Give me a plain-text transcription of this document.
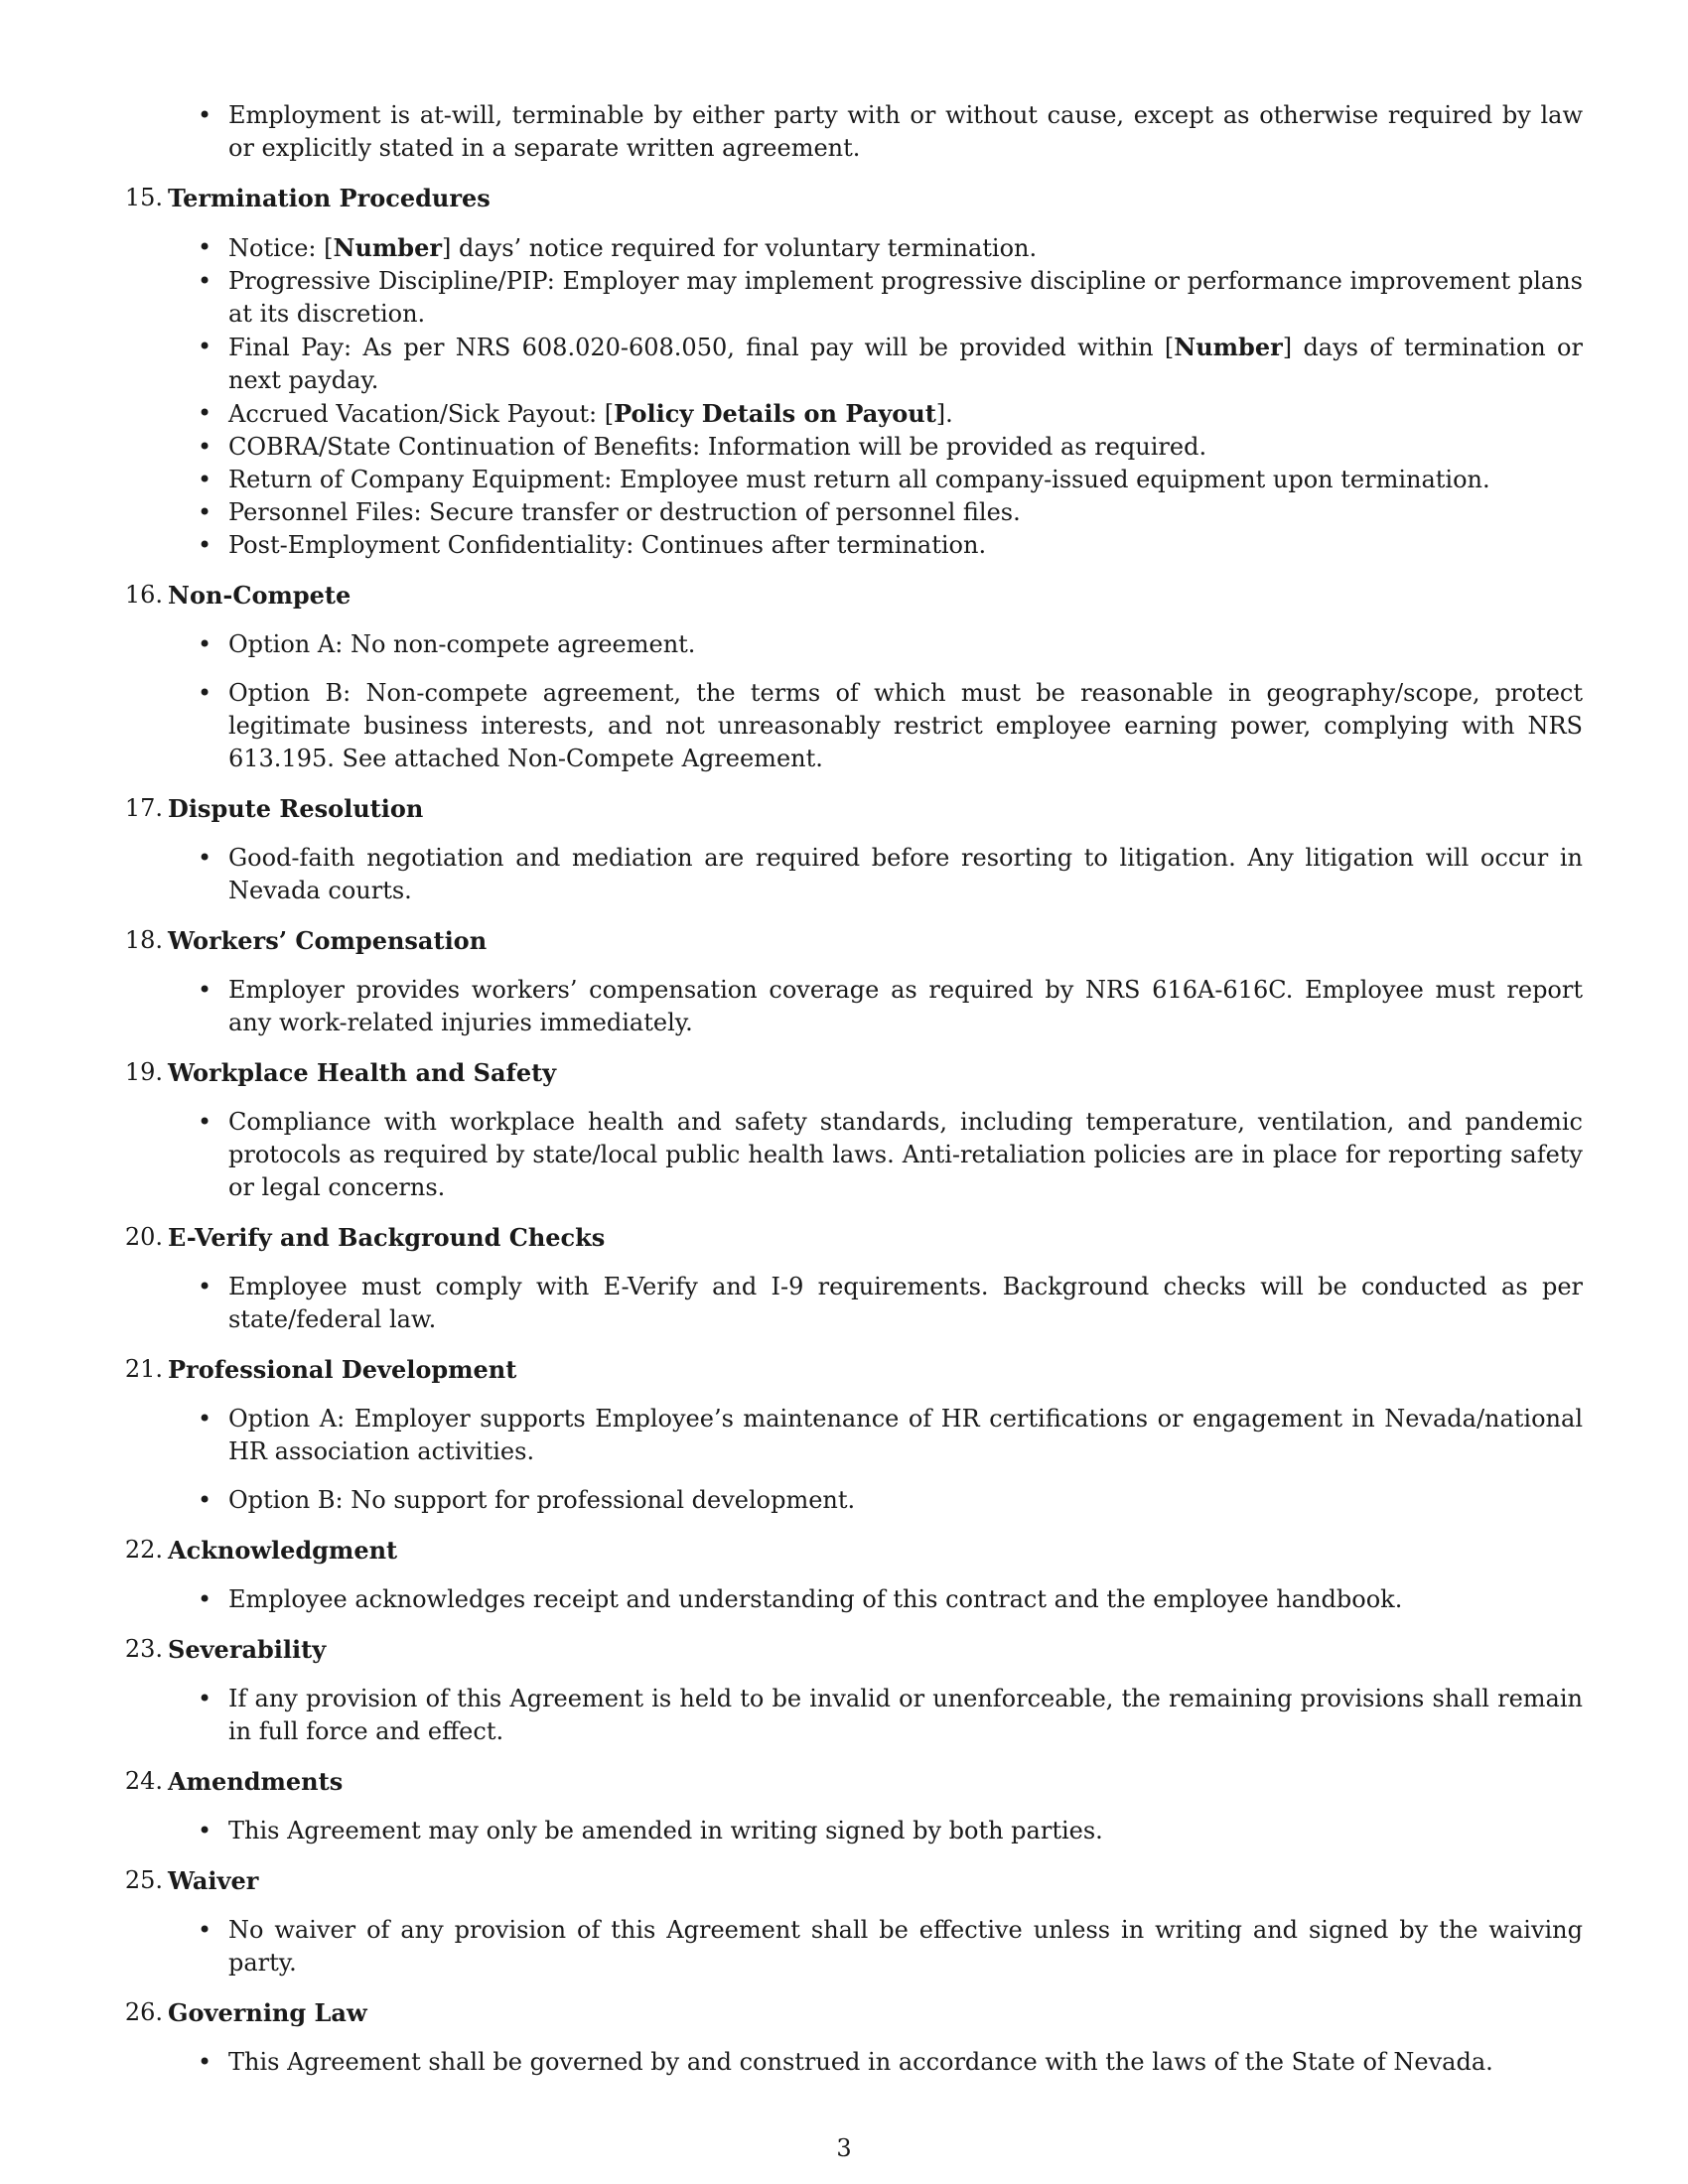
• Employment is at-will, terminable by either party with or without cause, except as otherwise required by law or explicitly stated in a separate written agreement.
15. Termination Procedures
• Notice: [Number] days’ notice required for voluntary termination.
• Progressive Discipline/PIP: Employer may implement progressive discipline or performance improvement plans at its discretion.
• Final Pay: As per NRS 608.020-608.050, final pay will be provided within [Number] days of termination or next payday.
• Accrued Vacation/Sick Payout: [Policy Details on Payout].
• COBRA/State Continuation of Benefits: Information will be provided as required.
• Return of Company Equipment: Employee must return all company-issued equipment upon termination.
• Personnel Files: Secure transfer or destruction of personnel files.
• Post-Employment Confidentiality: Continues after termination.
16. Non-Compete
• Option A: No non-compete agreement.
• Option B: Non-compete agreement, the terms of which must be reasonable in geography/scope, protect legitimate business interests, and not unreasonably restrict employee earning power, complying with NRS 613.195. See attached Non-Compete Agreement.
17. Dispute Resolution
• Good-faith negotiation and mediation are required before resorting to litigation. Any litigation will occur in Nevada courts.
18. Workers’ Compensation
• Employer provides workers’ compensation coverage as required by NRS 616A-616C. Employee must report any work-related injuries immediately.
19. Workplace Health and Safety
• Compliance with workplace health and safety standards, including temperature, ventilation, and pandemic protocols as required by state/local public health laws. Anti-retaliation policies are in place for reporting safety or legal concerns.
20. E-Verify and Background Checks
• Employee must comply with E-Verify and I-9 requirements. Background checks will be conducted as per state/federal law.
21. Professional Development
• Option A: Employer supports Employee’s maintenance of HR certifications or engagement in Nevada/national HR association activities.
• Option B: No support for professional development.
22. Acknowledgment
• Employee acknowledges receipt and understanding of this contract and the employee handbook.
23. Severability
• If any provision of this Agreement is held to be invalid or unenforceable, the remaining provisions shall remain in full force and effect.
24. Amendments
• This Agreement may only be amended in writing signed by both parties.
25. Waiver
• No waiver of any provision of this Agreement shall be effective unless in writing and signed by the waiving party.
26. Governing Law
• This Agreement shall be governed by and construed in accordance with the laws of the State of Nevada.
3
